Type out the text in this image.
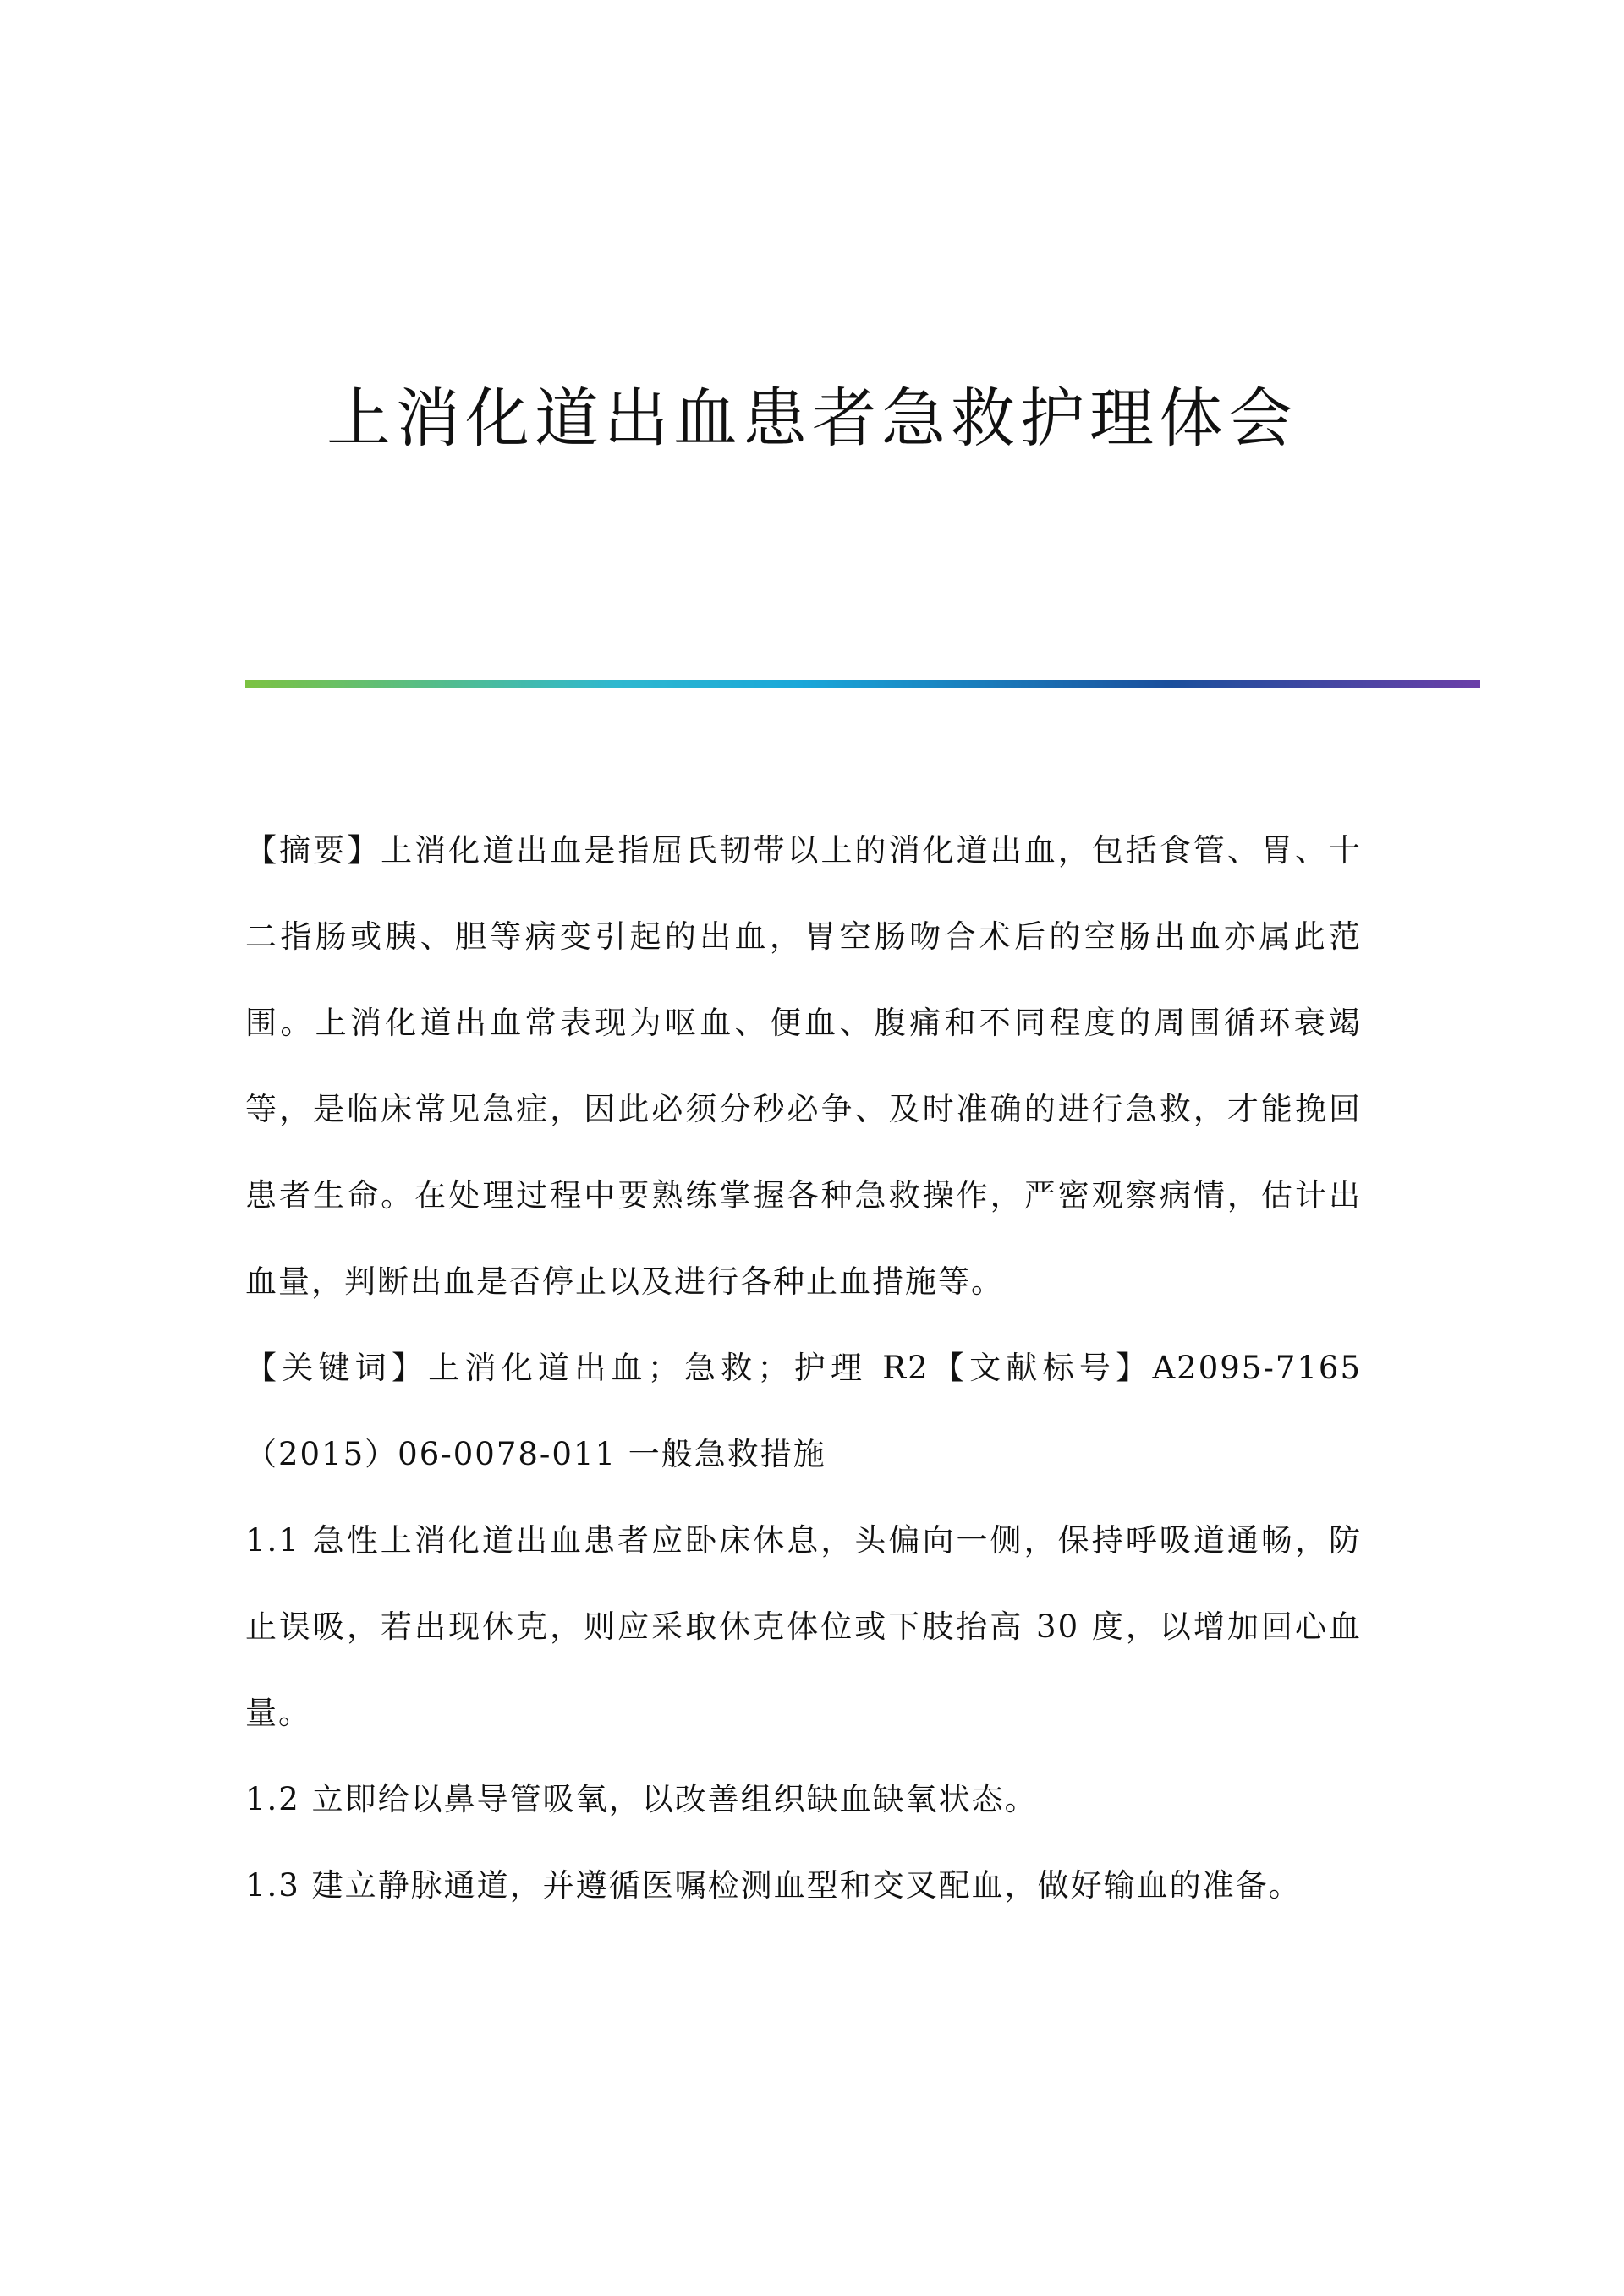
上消化道出血患者急救护理体会

【摘要】上消化道出血是指屈氏韧带以上的消化道出血，包括食管、胃、十二指肠或胰、胆等病变引起的出血，胃空肠吻合术后的空肠出血亦属此范围。上消化道出血常表现为呕血、便血、腹痛和不同程度的周围循环衰竭等，是临床常见急症，因此必须分秒必争、及时准确的进行急救，才能挽回患者生命。在处理过程中要熟练掌握各种急救操作，严密观察病情，估计出血量，判断出血是否停止以及进行各种止血措施等。

【关键词】上消化道出血；急救；护理 R2【文献标号】A2095-7165（2015）06-0078-011 一般急救措施

1.1 急性上消化道出血患者应卧床休息，头偏向一侧，保持呼吸道通畅，防止误吸，若出现休克，则应采取休克体位或下肢抬高 30 度，以增加回心血量。

1.2 立即给以鼻导管吸氧，以改善组织缺血缺氧状态。

1.3 建立静脉通道，并遵循医嘱检测血型和交叉配血，做好输血的准备。
